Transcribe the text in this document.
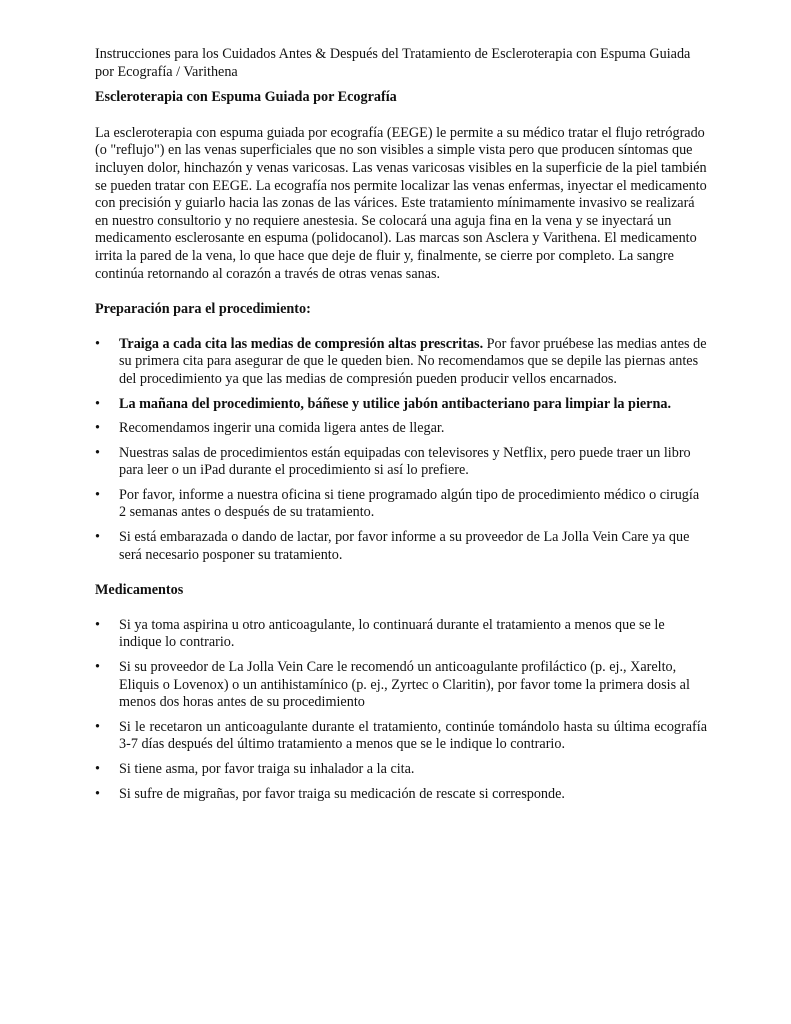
Instrucciones para los Cuidados Antes & Después del Tratamiento de Escleroterapia con Espuma Guiada por Ecografía / Varithena
Escleroterapia con Espuma Guiada por Ecografía

La escleroterapia con espuma guiada por ecografía (EEGE) le permite a su médico tratar el flujo retrógrado (o "reflujo") en las venas superficiales que no son visibles a simple vista pero que producen síntomas que incluyen dolor, hinchazón y venas varicosas. Las venas varicosas visibles en la superficie de la piel también se pueden tratar con EEGE. La ecografía nos permite localizar las venas enfermas, inyectar el medicamento con precisión y guiarlo hacia las zonas de las várices. Este tratamiento mínimamente invasivo se realizará en nuestro consultorio y no requiere anestesia. Se colocará una aguja fina en la vena y se inyectará un medicamento esclerosante en espuma (polidocanol). Las marcas son Asclera y Varithena. El medicamento irrita la pared de la vena, lo que hace que deje de fluir y, finalmente, se cierre por completo. La sangre continúa retornando al corazón a través de otras venas sanas.

Preparación para el procedimiento:
• Traiga a cada cita las medias de compresión altas prescritas. Por favor pruébese las medias antes de su primera cita para asegurar de que le queden bien. No recomendamos que se depile las piernas antes del procedimiento ya que las medias de compresión pueden producir vellos encarnados.
• La mañana del procedimiento, báñese y utilice jabón antibacteriano para limpiar la pierna.
• Recomendamos ingerir una comida ligera antes de llegar.
• Nuestras salas de procedimientos están equipadas con televisores y Netflix, pero puede traer un libro para leer o un iPad durante el procedimiento si así lo prefiere.
• Por favor, informe a nuestra oficina si tiene programado algún tipo de procedimiento médico o cirugía 2 semanas antes o después de su tratamiento.
• Si está embarazada o dando de lactar, por favor informe a su proveedor de La Jolla Vein Care ya que será necesario posponer su tratamiento.
Medicamentos
• Si ya toma aspirina u otro anticoagulante, lo continuará durante el tratamiento a menos que se le indique lo contrario.
• Si su proveedor de La Jolla Vein Care le recomendó un anticoagulante profiláctico (p. ej., Xarelto, Eliquis o Lovenox) o un antihistamínico (p. ej., Zyrtec o Claritin), por favor tome la primera dosis al menos dos horas antes de su procedimiento
• Si le recetaron un anticoagulante durante el tratamiento, continúe tomándolo hasta su última ecografía 3-7 días después del último tratamiento a menos que se le indique lo contrario.
• Si tiene asma, por favor traiga su inhalador a la cita.
• Si sufre de migrañas, por favor traiga su medicación de rescate si corresponde.
